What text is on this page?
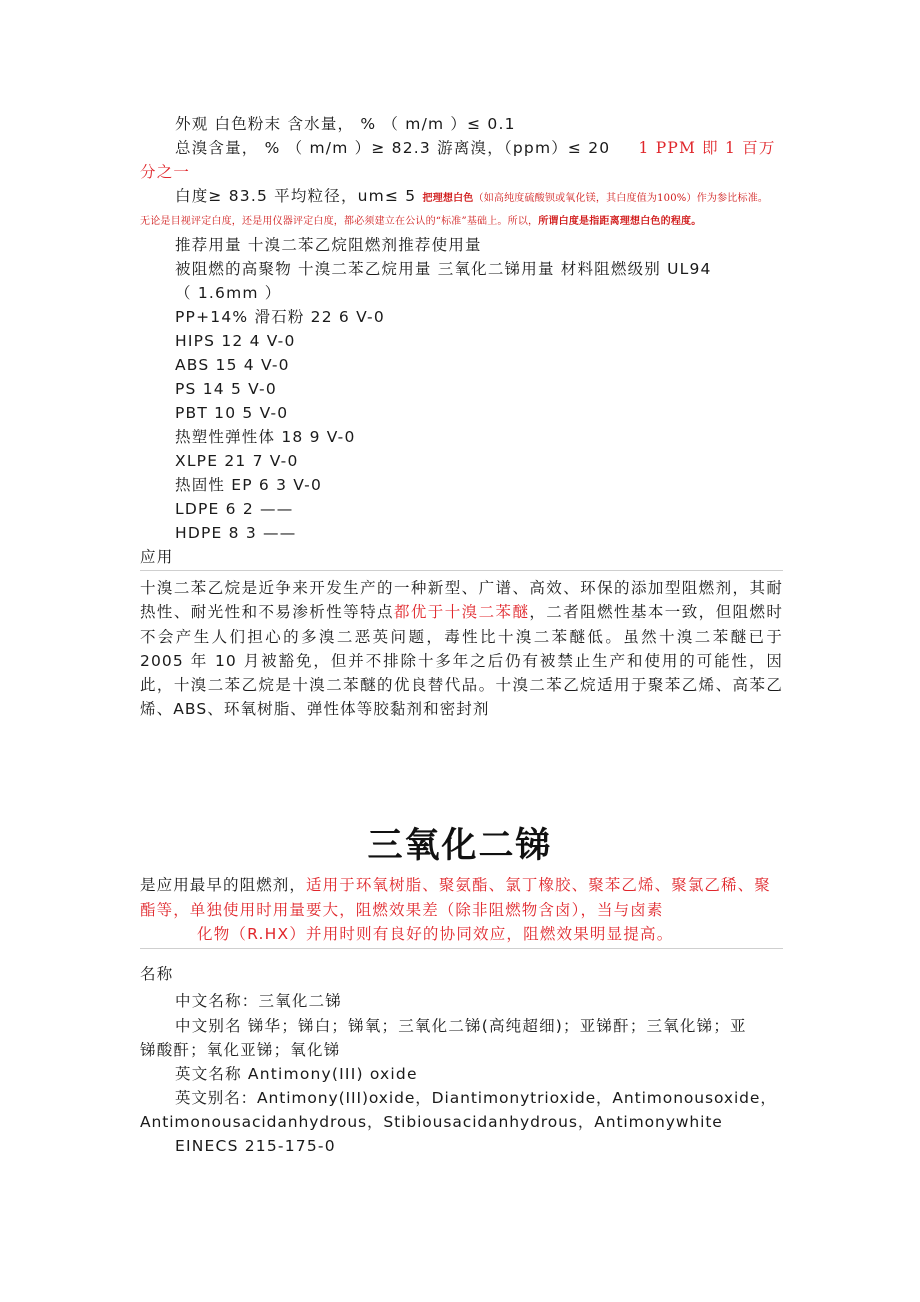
外观 白色粉末 含水量， % （ m/m ）≤ 0.1
总溴含量， % （ m/m ）≥ 82.3 游离溴，（ppm）≤ 20 1 PPM 即 1 百万
分之一
白度≥ 83.5 平均粒径，um≤ 5 把理想白色（如高纯度硫酸钡或氧化镁，其白度值为100%）作为参比标准。
无论是目视评定白度，还是用仪器评定白度，都必须建立在公认的“标准”基础上。所以，所谓白度是指距离理想白色的程度。
推荐用量 十溴二苯乙烷阻燃剂推荐使用量
被阻燃的高聚物 十溴二苯乙烷用量 三氧化二锑用量 材料阻燃级别 UL94
（ 1.6mm ）
PP+14% 滑石粉 22 6 V-0
HIPS 12 4 V-0
ABS 15 4 V-0
PS 14 5 V-0
PBT 10 5 V-0
热塑性弹性体 18 9 V-0
XLPE 21 7 V-0
热固性 EP 6 3 V-0
LDPE 6 2 ——
HDPE 8 3 ——
应用
十溴二苯乙烷是近争来开发生产的一种新型、广谱、高效、环保的添加型阻燃剂，其耐热性、耐光性和不易渗析性等特点都优于十溴二苯醚，二者阻燃性基本一致，但阻燃时不会产生人们担心的多溴二恶英问题，毒性比十溴二苯醚低。虽然十溴二苯醚已于 2005 年 10 月被豁免，但并不排除十多年之后仍有被禁止生产和使用的可能性，因此，十溴二苯乙烷是十溴二苯醚的优良替代品。十溴二苯乙烷适用于聚苯乙烯、高苯乙烯、ABS、环氧树脂、弹性体等胶黏剂和密封剂
三氧化二锑
是应用最早的阻燃剂，适用于环氧树脂、聚氨酯、氯丁橡胶、聚苯乙烯、聚氯乙稀、聚酯等，单独使用时用量要大，阻燃效果差（除非阻燃物含卤），当与卤素
化物（R.HX）并用时则有良好的协同效应，阻燃效果明显提高。
名称
中文名称：三氧化二锑
中文别名 锑华；锑白；锑氧；三氧化二锑(高纯超细)；亚锑酐；三氧化锑；亚
锑酸酐；氧化亚锑；氧化锑
英文名称 Antimony(III) oxide
英文别名：Antimony(III)oxide，Diantimonytrioxide，Antimonousoxide，
Antimonousacidanhydrous，Stibiousacidanhydrous，Antimonywhite
EINECS 215-175-0
